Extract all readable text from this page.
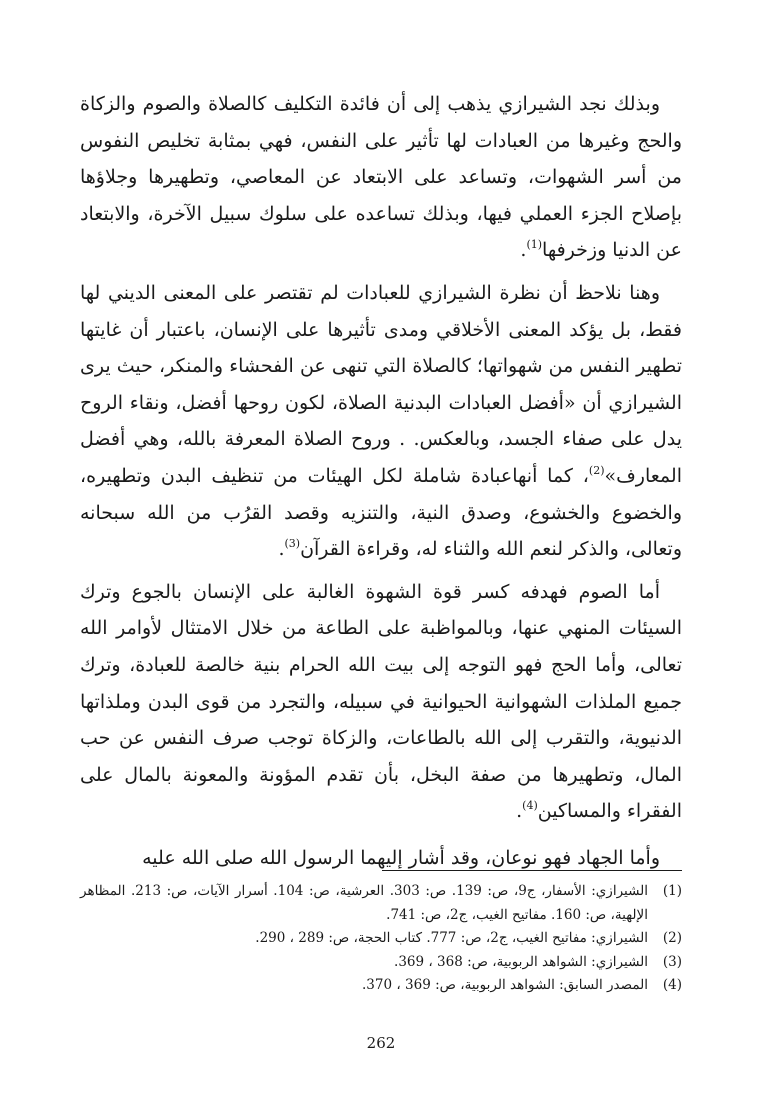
وبذلك نجد الشيرازي يذهب إلى أن فائدة التكليف كالصلاة والصوم والزكاة والحج وغيرها من العبادات لها تأثير على النفس، فهي بمثابة تخليص النفوس من أسر الشهوات، وتساعد على الابتعاد عن المعاصي، وتطهيرها وجلاؤها بإصلاح الجزء العملي فيها، وبذلك تساعده على سلوك سبيل الآخرة، والابتعاد عن الدنيا وزخرفها$^{(1)}$.

وهنا نلاحظ أن نظرة الشيرازي للعبادات لم تقتصر على المعنى الديني لها فقط، بل يؤكد المعنى الأخلاقي ومدى تأثيرها على الإنسان، باعتبار أن غايتها تطهير النفس من شهواتها؛ كالصلاة التي تنهى عن الفحشاء والمنكر، حيث يرى الشيرازي أن «أفضل العبادات البدنية الصلاة، لكون روحها أفضل، ونقاء الروح يدل على صفاء الجسد، وبالعكس. . وروح الصلاة المعرفة بالله، وهي أفضل المعارف»$^{(2)}$، كما أنهاعبادة شاملة لكل الهيئات من تنظيف البدن وتطهيره، والخضوع والخشوع، وصدق النية، والتنزيه وقصد القرُب من الله سبحانه وتعالى، والذكر لنعم الله والثناء له، وقراءة القرآن$^{(3)}$.

أما الصوم فهدفه كسر قوة الشهوة الغالبة على الإنسان بالجوع وترك السيئات المنهي عنها، وبالمواظبة على الطاعة من خلال الامتثال لأوامر الله تعالى، وأما الحج فهو التوجه إلى بيت الله الحرام بنية خالصة للعبادة، وترك جميع الملذات الشهوانية الحيوانية في سبيله، والتجرد من قوى البدن وملذاتها الدنيوية، والتقرب إلى الله بالطاعات، والزكاة توجب صرف النفس عن حب المال، وتطهيرها من صفة البخل، بأن تقدم المؤونة والمعونة بالمال على الفقراء والمساكين$^{(4)}$.

وأما الجهاد فهو نوعان، وقد أشار إليهما الرسول الله صلى الله عليه

(1)
الشيرازي: الأسفار، ج9، ص: 139. ص: 303. العرشية، ص: 104. أسرار الآيات، ص: 213. المظاهر الإلهية، ص: 160. مفاتيح الغيب، ج2، ص: 741.
(2)
الشيرازي: مفاتيح الغيب، ج2، ص: 777. كتاب الحجة، ص: 289 ، 290.
(3)
الشيرازي: الشواهد الربوبية، ص: 368 ، 369.
(4)
المصدر السابق: الشواهد الربوبية، ص: 369 ، 370.
262
